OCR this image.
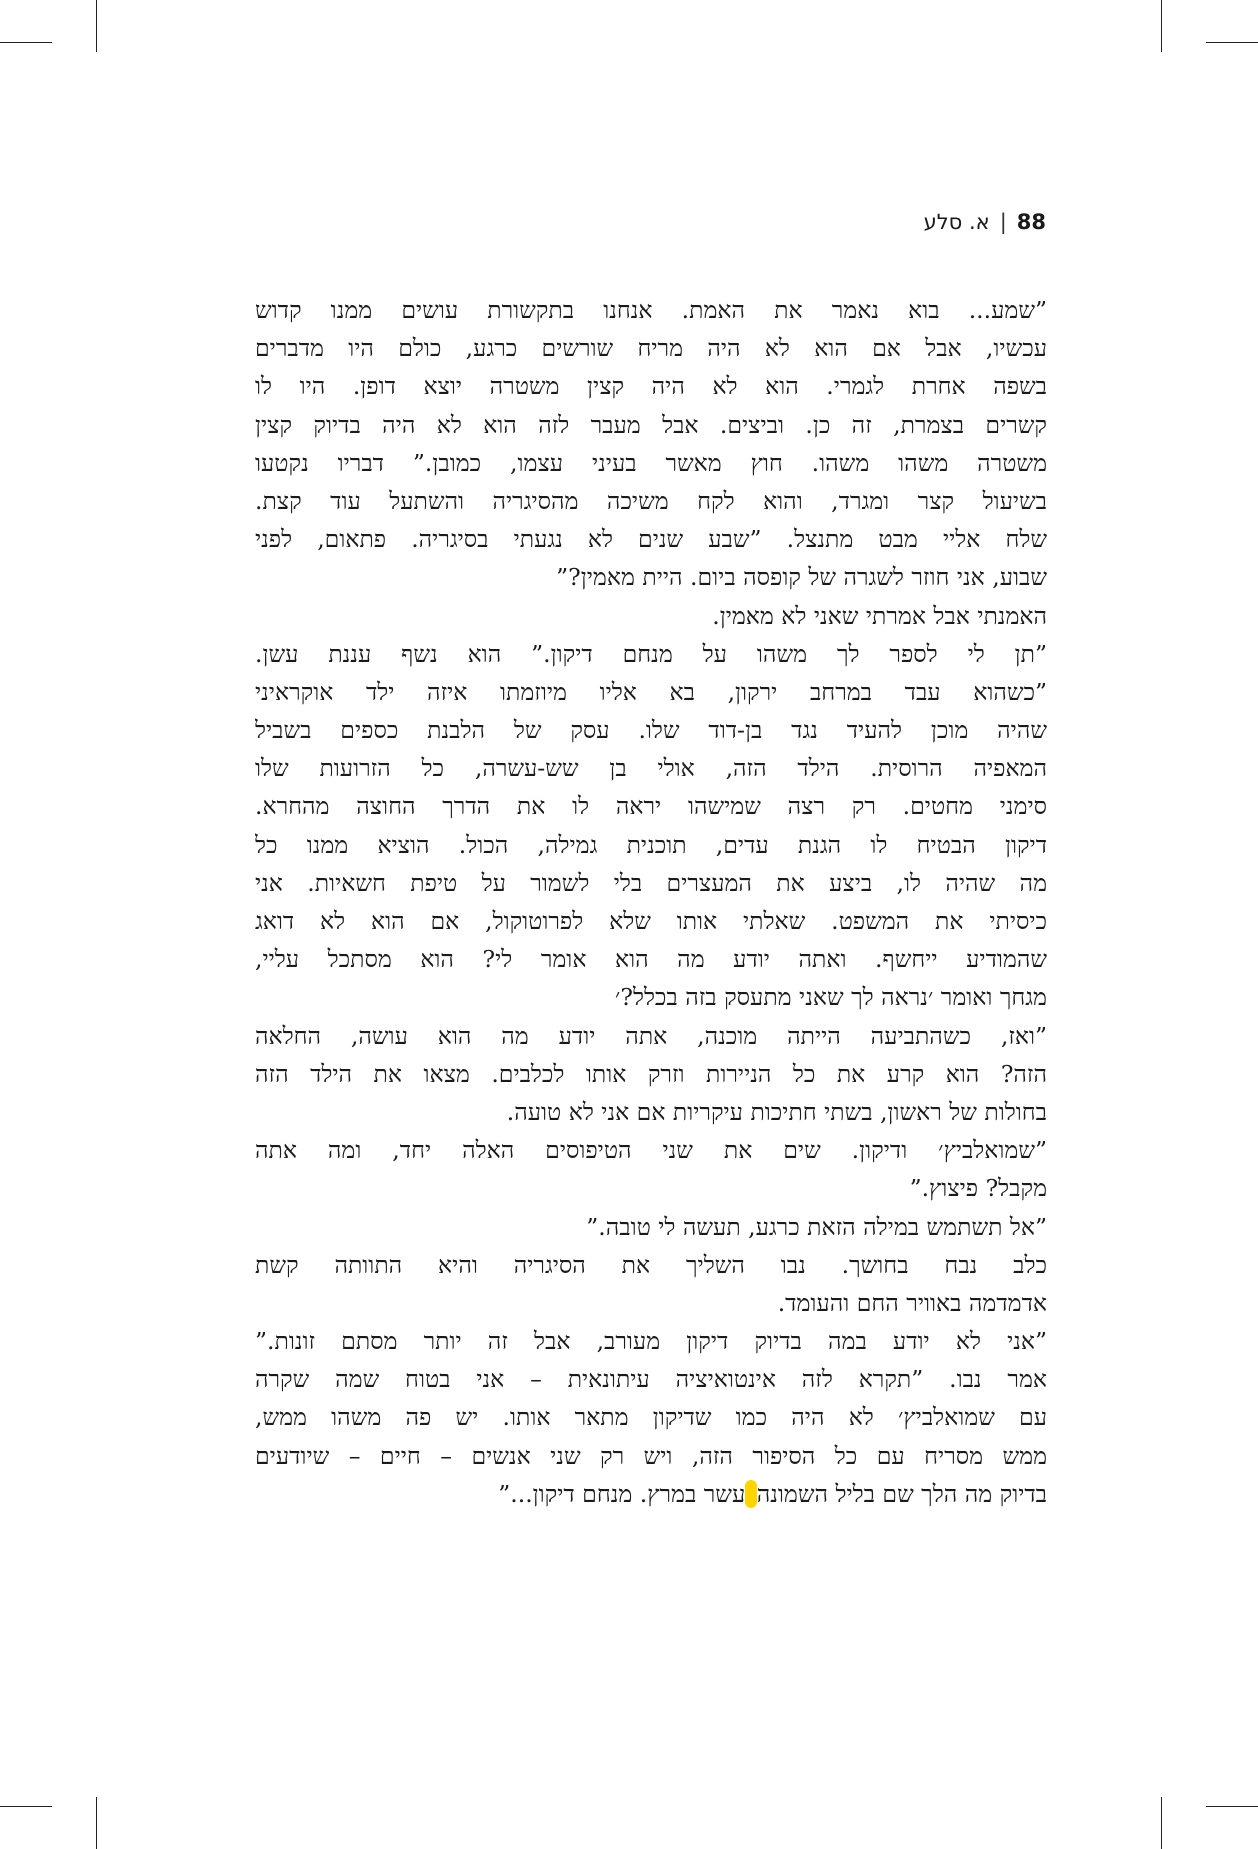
88
|
א. סלע
”שמע... בוא נאמר את האמת. אנחנו בתקשורת עושים ממנו קדוש
עכשיו, אבל אם הוא לא היה מריח שורשים כרגע, כולם היו מדברים
בשפה אחרת לגמרי. הוא לא היה קצין משטרה יוצא דופן. היו לו
קשרים בצמרת, זה כן. וביצים. אבל מעבר לזה הוא לא היה בדיוק קצין
משטרה משהו משהו. חוץ מאשר בעיני עצמו, כמובן.” דבריו נקטעו
בשיעול קצר ומגרד, והוא לקח משיכה מהסיגריה והשתעל עוד קצת.
שלח אליי מבט מתנצל. ”שבע שנים לא נגעתי בסיגריה. פתאום, לפני
שבוע, אני חוזר לשגרה של קופסה ביום. היית מאמין?”
האמנתי אבל אמרתי שאני לא מאמין.
”תן לי לספר לך משהו על מנחם דיקון.” הוא נשף עננת עשן.
”כשהוא עבד במרחב ירקון, בא אליו מיוזמתו איזה ילד אוקראיני
שהיה מוכן להעיד נגד בן-דוד שלו. עסק של הלבנת כספים בשביל
המאפיה הרוסית. הילד הזה, אולי בן שש-עשרה, כל הזרועות שלו
סימני מחטים. רק רצה שמישהו יראה לו את הדרך החוצה מהחרא.
דיקון הבטיח לו הגנת עדים, תוכנית גמילה, הכול. הוציא ממנו כל
מה שהיה לו, ביצע את המעצרים בלי לשמור על טיפת חשאיות. אני
כיסיתי את המשפט. שאלתי אותו שלא לפרוטוקול, אם הוא לא דואג
שהמודיע ייחשף. ואתה יודע מה הוא אומר לי? הוא מסתכל עליי,
מגחך ואומר ׳נראה לך שאני מתעסק בזה בכלל?׳
”ואז, כשהתביעה הייתה מוכנה, אתה יודע מה הוא עושה, החלאה
הזה? הוא קרע את כל הניירות וזרק אותו לכלבים. מצאו את הילד הזה
בחולות של ראשון, בשתי חתיכות עיקריות אם אני לא טועה.
”שמואלביץ׳ ודיקון. שים את שני הטיפוסים האלה יחד, ומה אתה
מקבל? פיצוץ.”
”אל תשתמש במילה הזאת כרגע, תעשה לי טובה.”
כלב נבח בחושך. נבו השליך את הסיגריה והיא התוותה קשת
אדמדמה באוויר החם והעומד.
”אני לא יודע במה בדיוק דיקון מעורב, אבל זה יותר מסתם זונות.”
אמר נבו. ”תקרא לזה אינטואיציה עיתונאית – אני בטוח שמה שקרה
עם שמואלביץ׳ לא היה כמו שדיקון מתאר אותו. יש פה משהו ממש,
ממש מסריח עם כל הסיפור הזה, ויש רק שני אנשים – חיים – שיודעים
בדיוק מה הלך שם בליל השמונה עשר במרץ. מנחם דיקון...”
